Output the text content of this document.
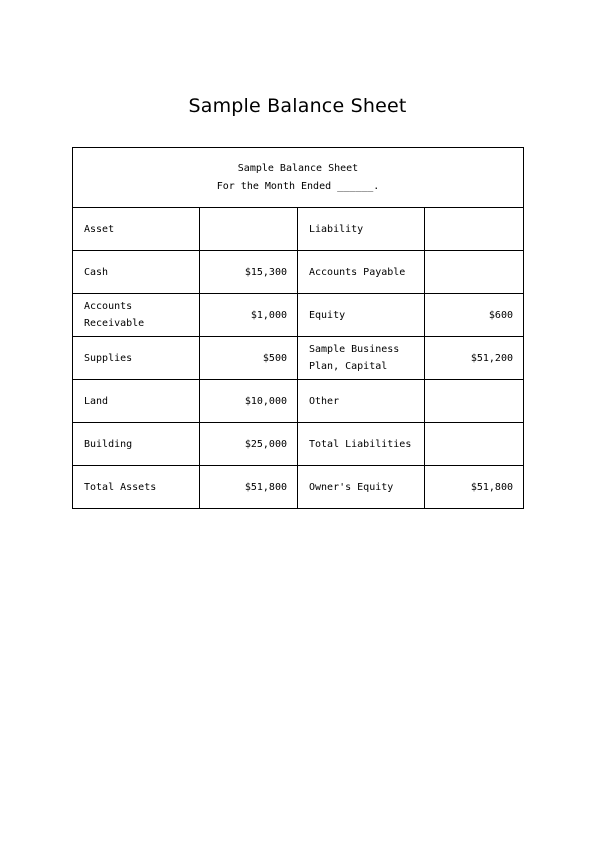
Sample Balance Sheet
Sample Balance Sheet
For the Month Ended ______.			

Asset		Liability	
Cash	$15,300	Accounts Payable	
Accounts Receivable	$1,000	Equity	$600
Supplies	$500	Sample Business Plan, Capital	$51,200
Land	$10,000	Other	
Building	$25,000	Total Liabilities	
Total Assets	$51,800	Owner's Equity	$51,800
